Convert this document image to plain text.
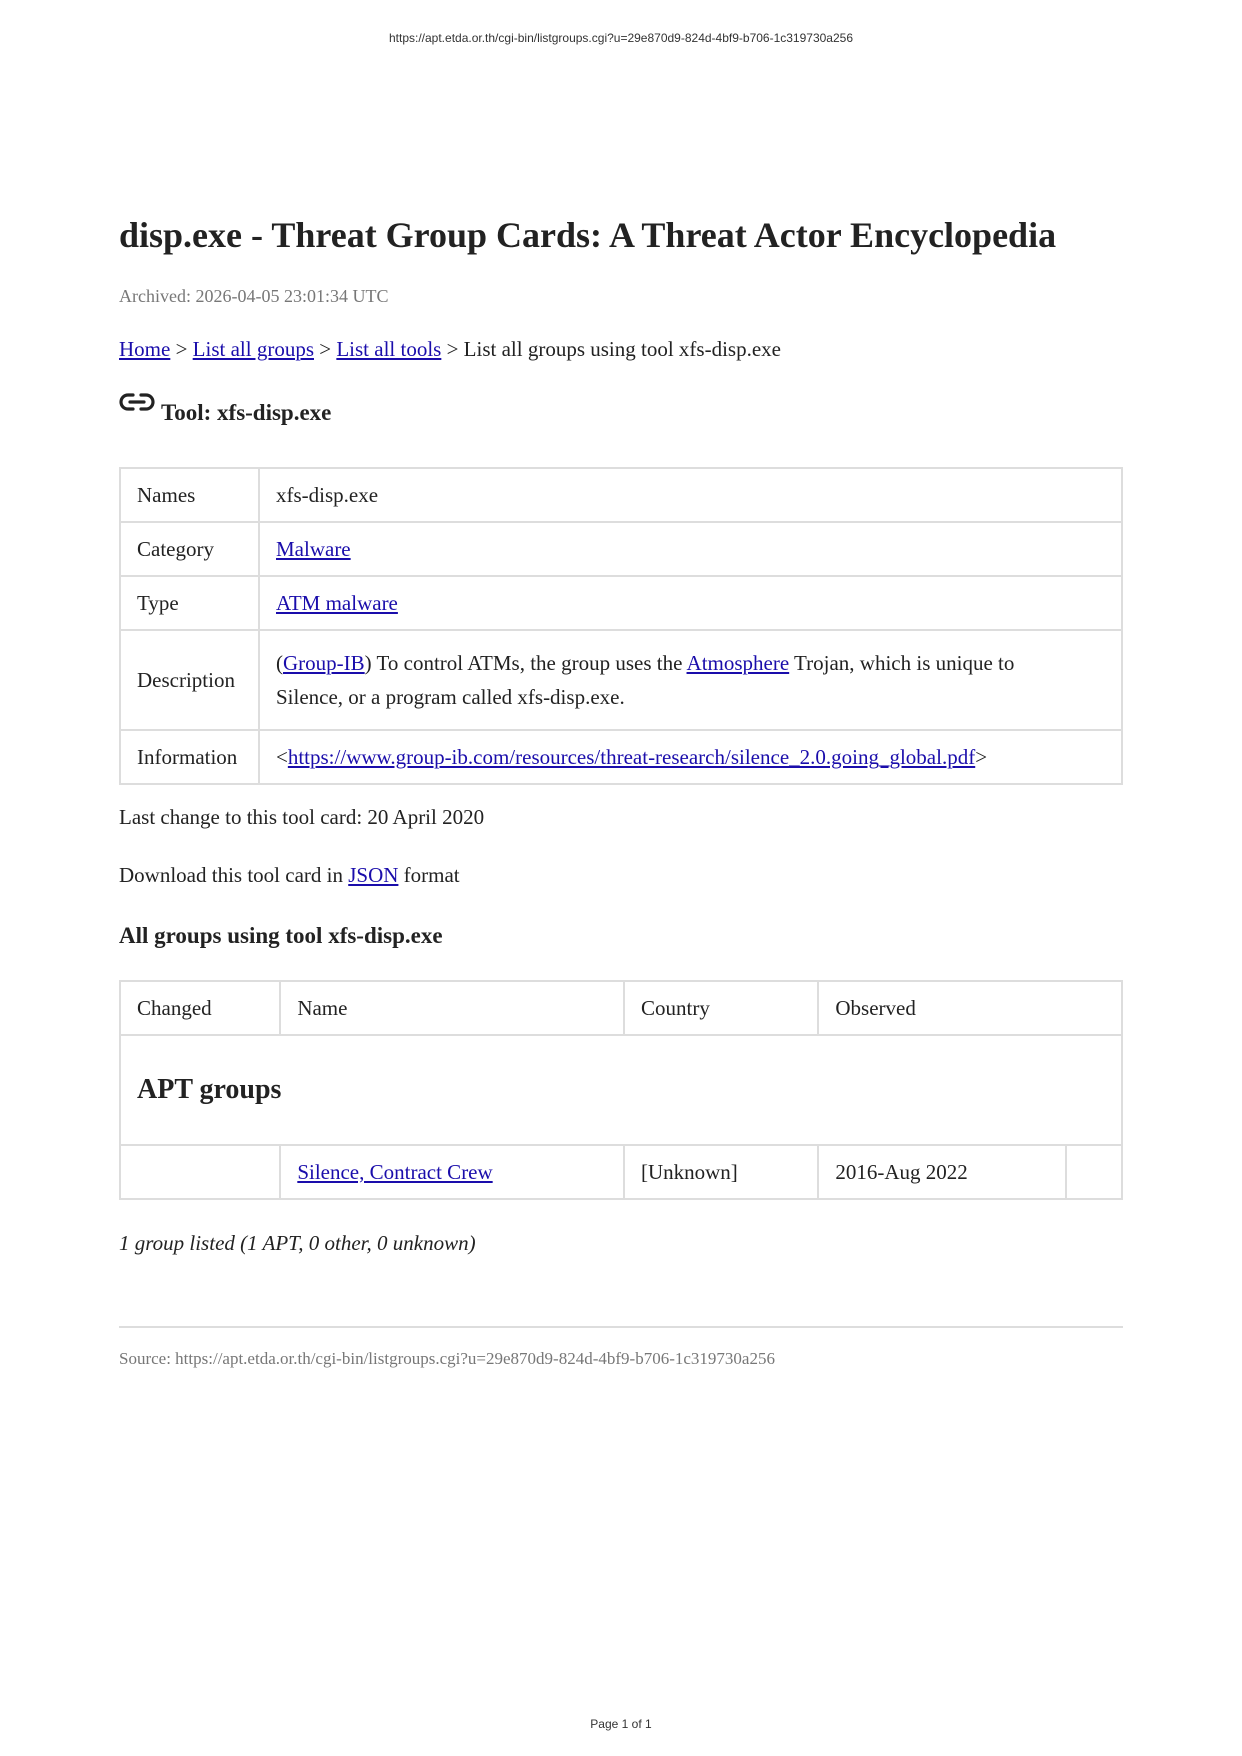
https://apt.etda.or.th/cgi-bin/listgroups.cgi?u=29e870d9-824d-4bf9-b706-1c319730a256
disp.exe - Threat Group Cards: A Threat Actor Encyclopedia
Archived: 2026-04-05 23:01:34 UTC
Home > List all groups > List all tools > List all groups using tool xfs-disp.exe
Tool: xfs-disp.exe
Names	xfs-disp.exe
Category	Malware
Type	ATM malware
Description	(Group-IB) To control ATMs, the group uses the Atmosphere Trojan, which is unique to
Silence, or a program called xfs-disp.exe.
Information	<https://www.group-ib.com/resources/threat-research/silence_2.0.going_global.pdf>
Last change to this tool card: 20 April 2020
Download this tool card in JSON format
All groups using tool xfs-disp.exe
Changed	Name	Country	Observed	
APT groups				
	Silence, Contract Crew	[Unknown]	2016-Aug 2022	
1 group listed (1 APT, 0 other, 0 unknown)
Source: https://apt.etda.or.th/cgi-bin/listgroups.cgi?u=29e870d9-824d-4bf9-b706-1c319730a256
Page 1 of 1
